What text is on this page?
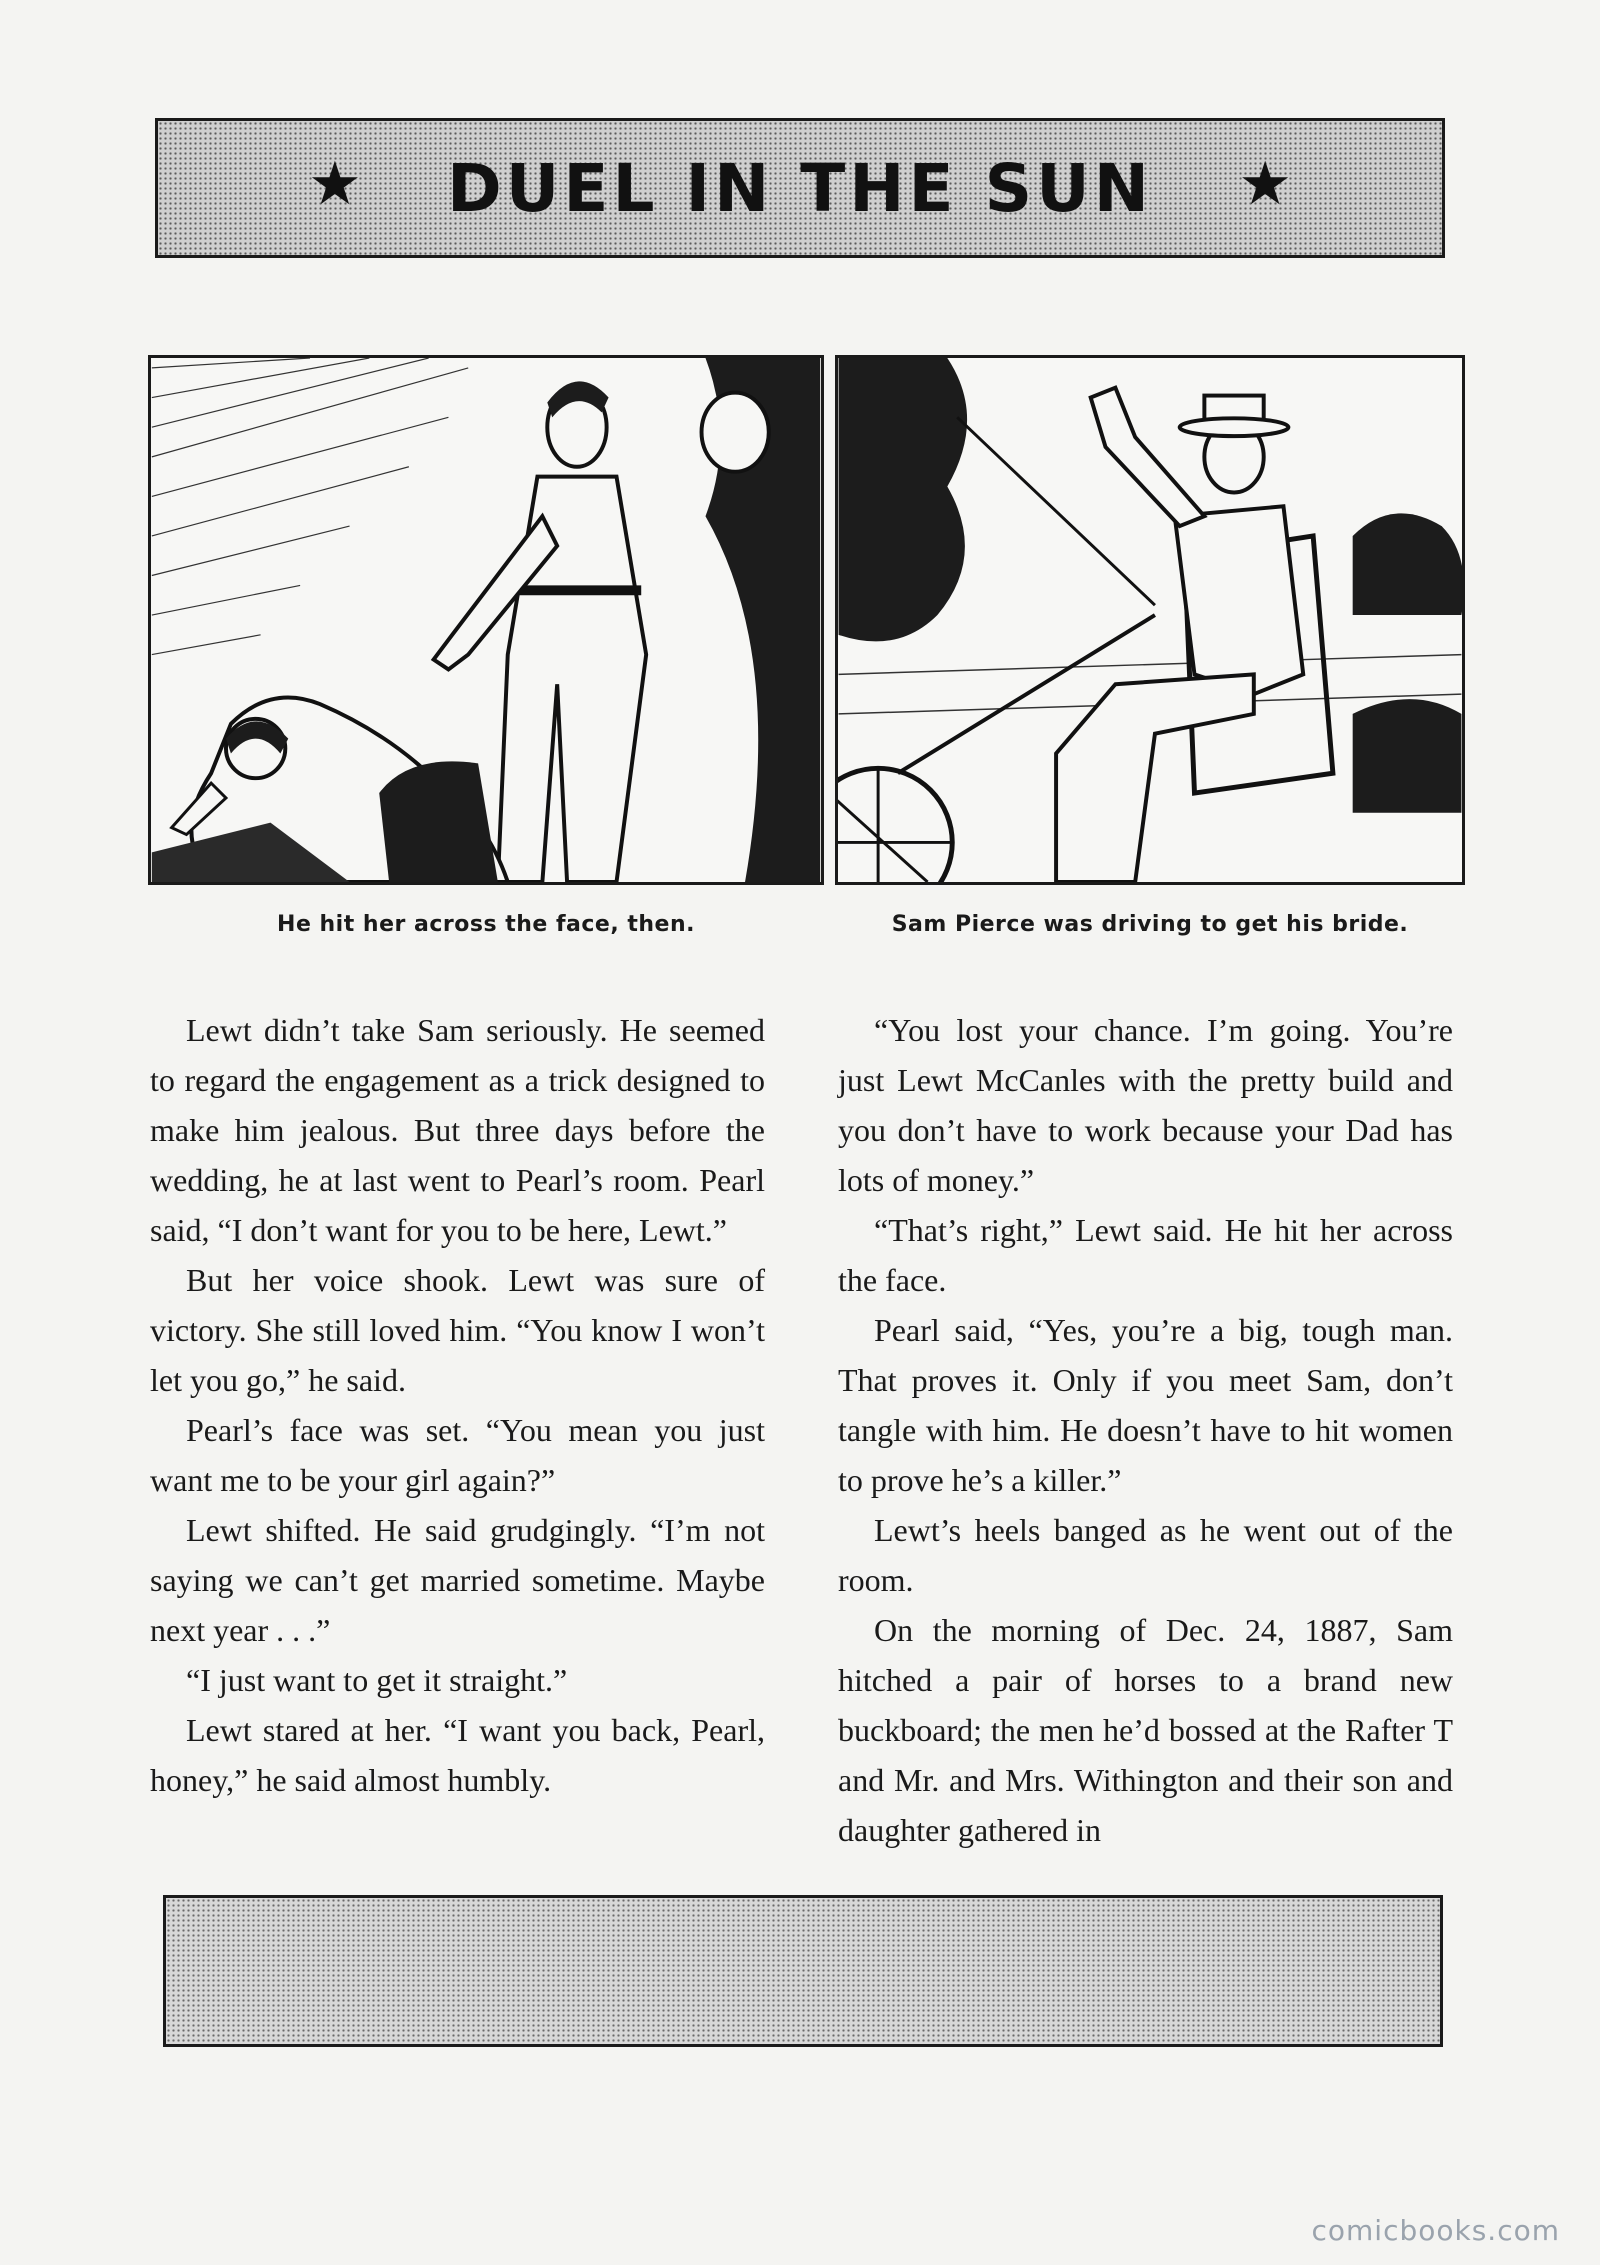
★ DUEL IN THE SUN ★
He hit her across the face, then.	Sam Pierce was driving to get his bride.

Lewt didn’t take Sam seriously. He seemed to regard the engagement as a trick designed to make him jealous. But three days before the wedding, he at last went to Pearl’s room. Pearl said, “I don’t want for you to be here, Lewt.”

But her voice shook. Lewt was sure of victory. She still loved him. “You know I won’t let you go,” he said.

Pearl’s face was set. “You mean you just want me to be your girl again?”

Lewt shifted. He said grudgingly. “I’m not saying we can’t get married sometime. Maybe next year . . .”

“I just want to get it straight.”

Lewt stared at her. “I want you back, Pearl, honey,” he said almost humbly.

“You lost your chance. I’m going. You’re just Lewt McCanles with the pretty build and you don’t have to work because your Dad has lots of money.”

“That’s right,” Lewt said. He hit her across the face.

Pearl said, “Yes, you’re a big, tough man. That proves it. Only if you meet Sam, don’t tangle with him. He doesn’t have to hit women to prove he’s a killer.”

Lewt’s heels banged as he went out of the room.

On the morning of Dec. 24, 1887, Sam hitched a pair of horses to a brand new buckboard; the men he’d bossed at the Rafter T and Mr. and Mrs. Withington and their son and daughter gathered in

comicbooks.com
